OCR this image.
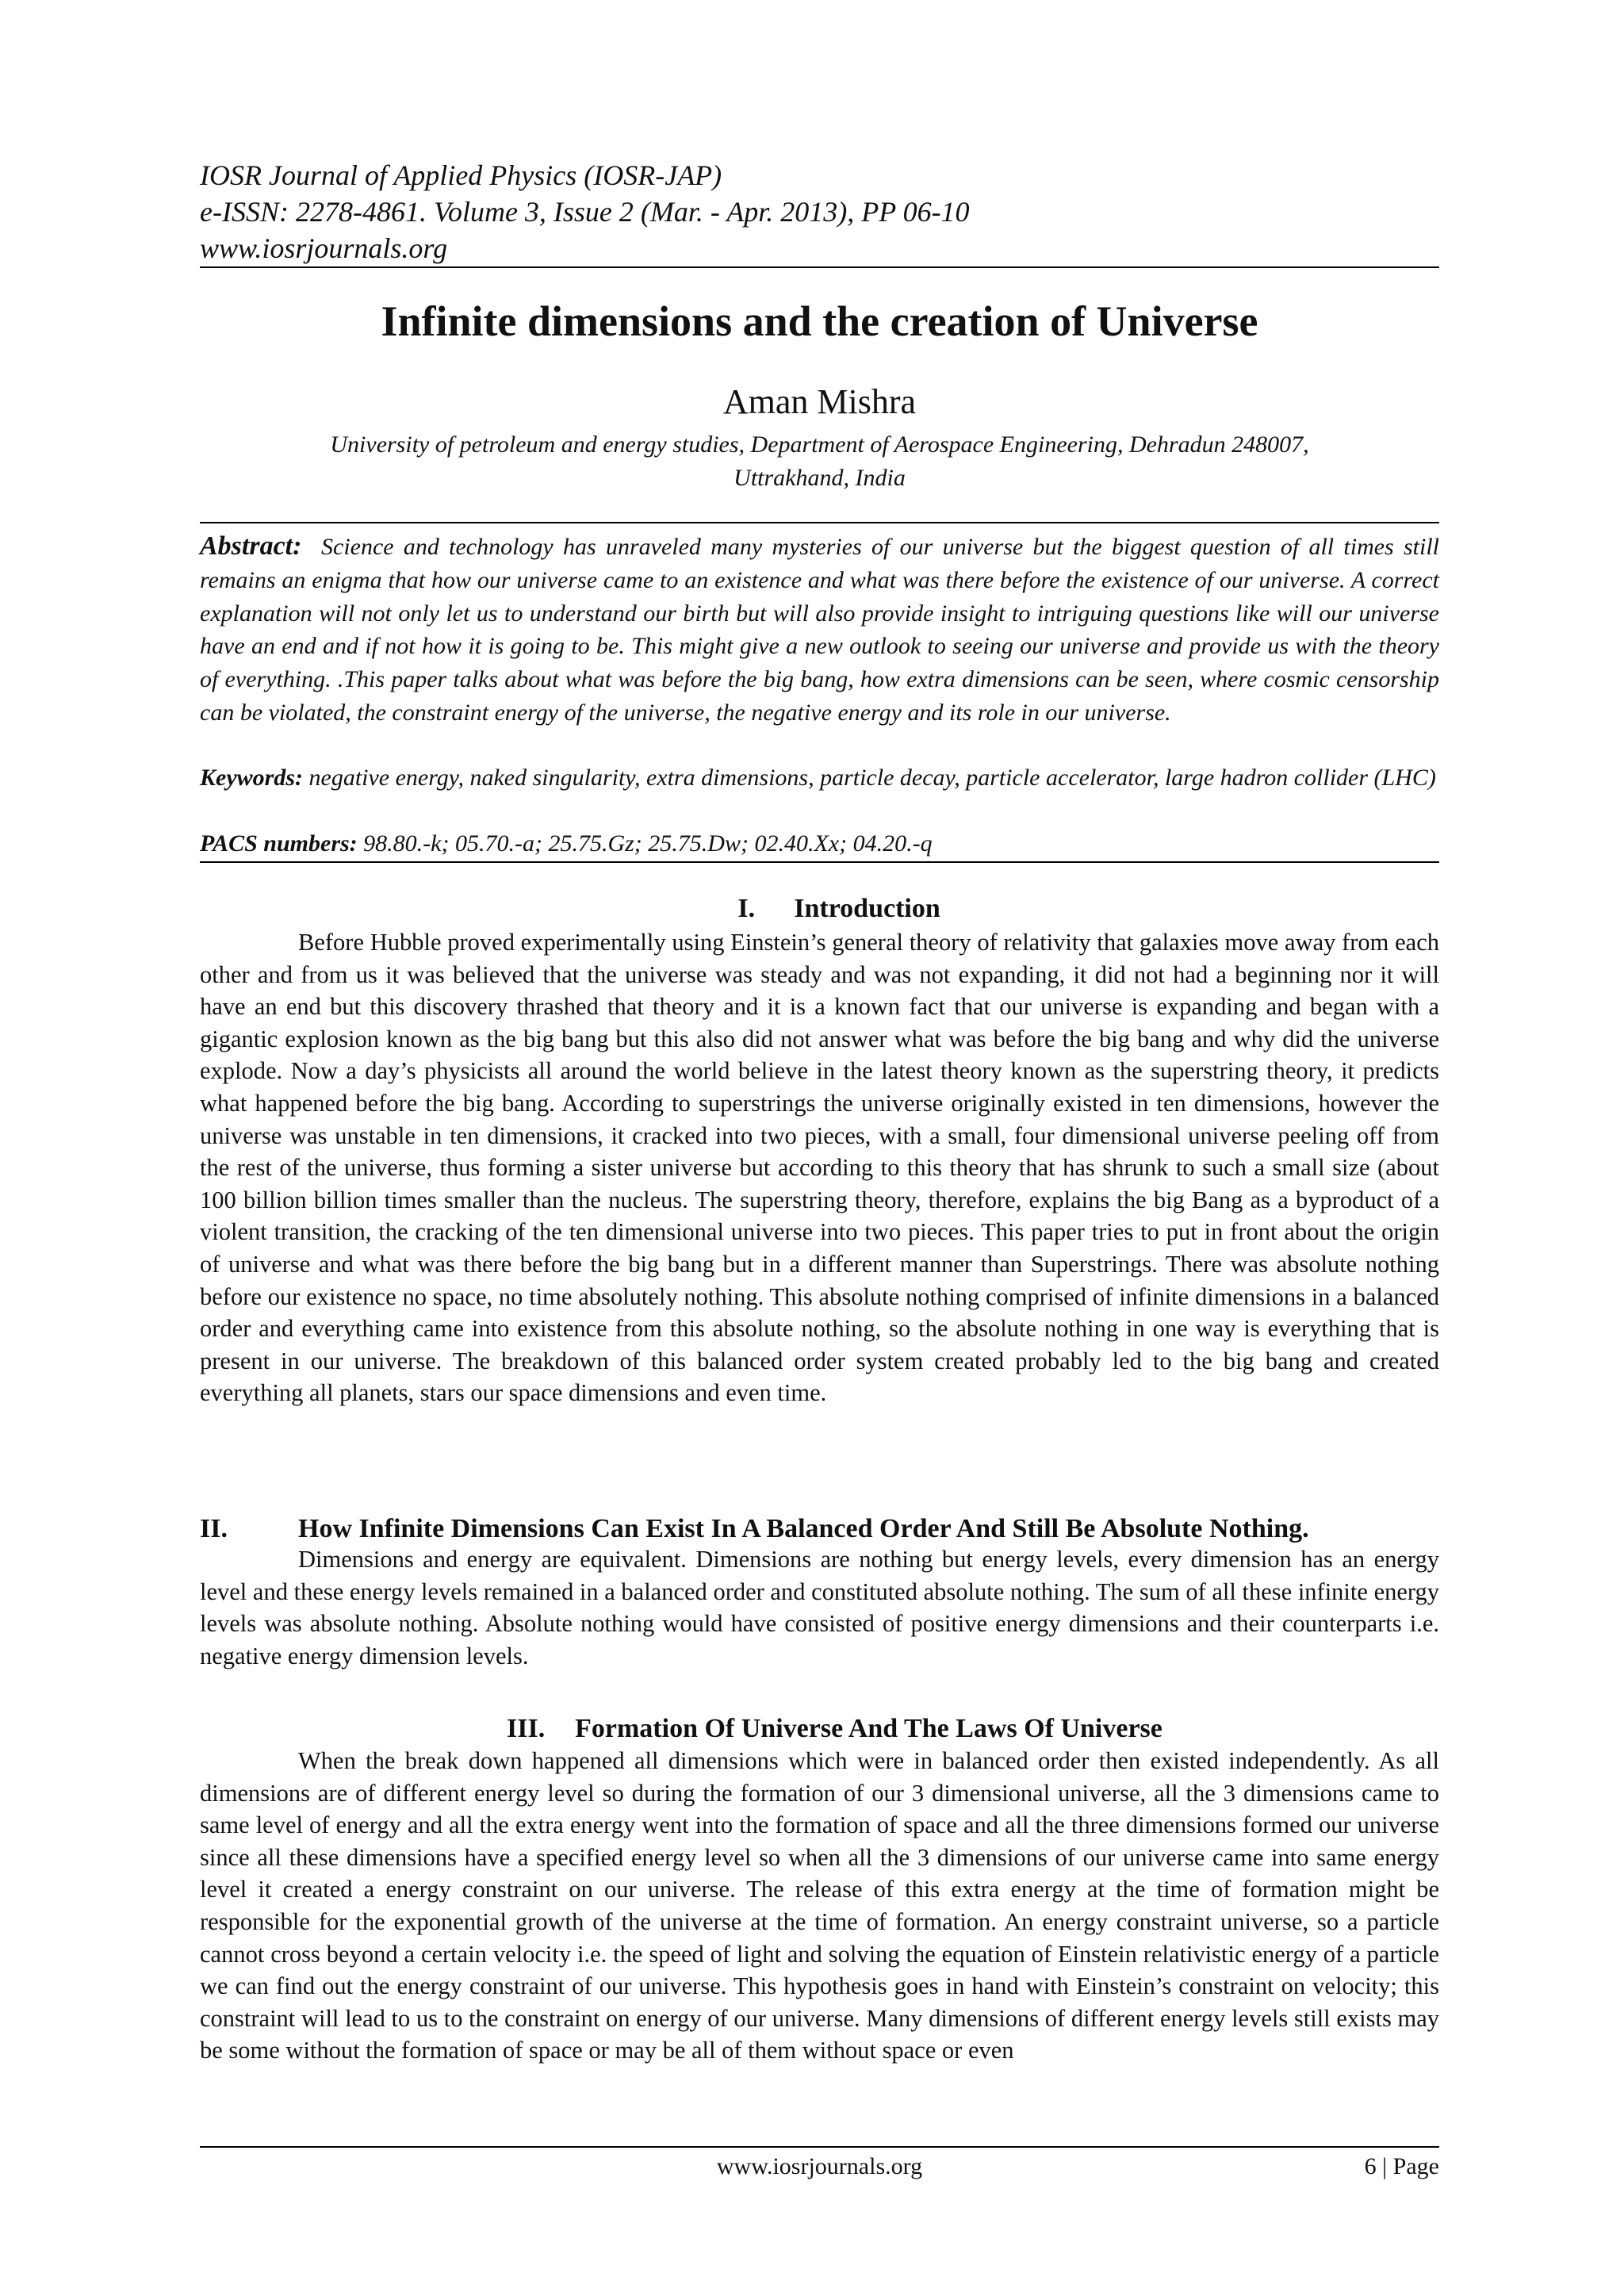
IOSR Journal of Applied Physics (IOSR-JAP)
e-ISSN: 2278-4861. Volume 3, Issue 2 (Mar. - Apr. 2013), PP 06-10
www.iosrjournals.org
Infinite dimensions and the creation of Universe
Aman Mishra
University of petroleum and energy studies, Department of Aerospace Engineering, Dehradun 248007,
Uttrakhand, India

Abstract: Science and technology has unraveled many mysteries of our universe but the biggest question of all times still remains an enigma that how our universe came to an existence and what was there before the existence of our universe. A correct explanation will not only let us to understand our birth but will also provide insight to intriguing questions like will our universe have an end and if not how it is going to be. This might give a new outlook to seeing our universe and provide us with the theory of everything. .This paper talks about what was before the big bang, how extra dimensions can be seen, where cosmic censorship can be violated, the constraint energy of the universe, the negative energy and its role in our universe.

Keywords: negative energy, naked singularity, extra dimensions, particle decay, particle accelerator, large hadron collider (LHC)

PACS numbers: 98.80.-k; 05.70.-a; 25.75.Gz; 25.75.Dw; 02.40.Xx; 04.20.-q

I. Introduction

Before Hubble proved experimentally using Einstein’s general theory of relativity that galaxies move away from each other and from us it was believed that the universe was steady and was not expanding, it did not had a beginning nor it will have an end but this discovery thrashed that theory and it is a known fact that our universe is expanding and began with a gigantic explosion known as the big bang but this also did not answer what was before the big bang and why did the universe explode. Now a day’s physicists all around the world believe in the latest theory known as the superstring theory, it predicts what happened before the big bang. According to superstrings the universe originally existed in ten dimensions, however the universe was unstable in ten dimensions, it cracked into two pieces, with a small, four dimensional universe peeling off from the rest of the universe, thus forming a sister universe but according to this theory that has shrunk to such a small size (about 100 billion billion times smaller than the nucleus. The superstring theory, therefore, explains the big Bang as a byproduct of a violent transition, the cracking of the ten dimensional universe into two pieces. This paper tries to put in front about the origin of universe and what was there before the big bang but in a different manner than Superstrings. There was absolute nothing before our existence no space, no time absolutely nothing. This absolute nothing comprised of infinite dimensions in a balanced order and everything came into existence from this absolute nothing, so the absolute nothing in one way is everything that is present in our universe. The breakdown of this balanced order system created probably led to the big bang and created everything all planets, stars our space dimensions and even time.

II.	How Infinite Dimensions Can Exist In A Balanced Order And Still Be Absolute Nothing.

Dimensions and energy are equivalent. Dimensions are nothing but energy levels, every dimension has an energy level and these energy levels remained in a balanced order and constituted absolute nothing. The sum of all these infinite energy levels was absolute nothing. Absolute nothing would have consisted of positive energy dimensions and their counterparts i.e. negative energy dimension levels.

III. Formation Of Universe And The Laws Of Universe

When the break down happened all dimensions which were in balanced order then existed independently. As all dimensions are of different energy level so during the formation of our 3 dimensional universe, all the 3 dimensions came to same level of energy and all the extra energy went into the formation of space and all the three dimensions formed our universe since all these dimensions have a specified energy level so when all the 3 dimensions of our universe came into same energy level it created a energy constraint on our universe. The release of this extra energy at the time of formation might be responsible for the exponential growth of the universe at the time of formation. An energy constraint universe, so a particle cannot cross beyond a certain velocity i.e. the speed of light and solving the equation of Einstein relativistic energy of a particle we can find out the energy constraint of our universe. This hypothesis goes in hand with Einstein’s constraint on velocity; this constraint will lead to us to the constraint on energy of our universe. Many dimensions of different energy levels still exists may be some without the formation of space or may be all of them without space or even

www.iosrjournals.org	6 | Page
